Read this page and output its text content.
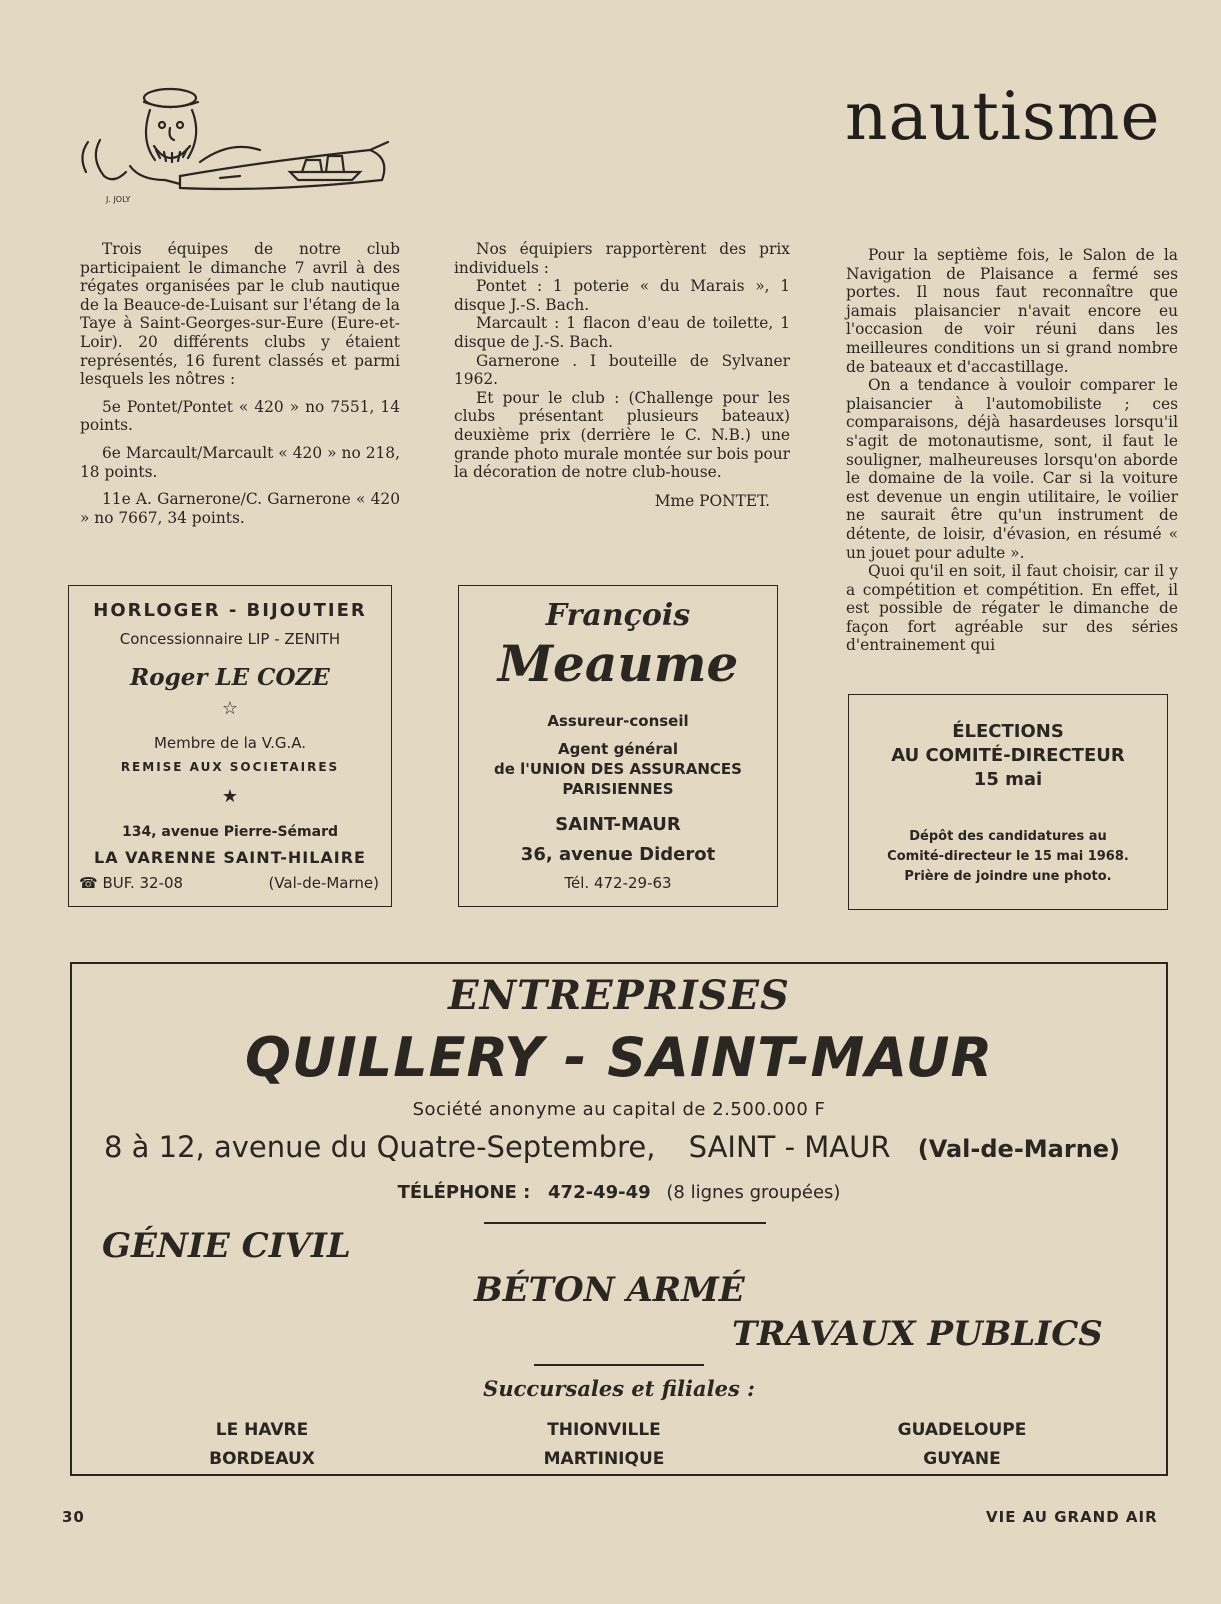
nautisme
J. JOLY

Trois équipes de notre club participaient le dimanche 7 avril à des régates organisées par le club nautique de la Beauce-de-Luisant sur l'étang de la Taye à Saint-Georges-sur-Eure (Eure-et-Loir). 20 différents clubs y étaient représentés, 16 furent classés et parmi lesquels les nôtres :

5e Pontet/Pontet « 420 » no 7551, 14 points.

6e Marcault/Marcault « 420 » no 218, 18 points.

11e A. Garnerone/C. Garnerone « 420 » no 7667, 34 points.

Nos équipiers rapportèrent des prix individuels :

Pontet : 1 poterie « du Marais », 1 disque J.-S. Bach.

Marcault : 1 flacon d'eau de toilette, 1 disque de J.-S. Bach.

Garnerone . I bouteille de Sylvaner 1962.

Et pour le club : (Challenge pour les clubs présentant plusieurs bateaux) deuxième prix (derrière le C. N.B.) une grande photo murale montée sur bois pour la décoration de notre club-house.

Mme PONTET.

Pour la septième fois, le Salon de la Navigation de Plaisance a fermé ses portes. Il nous faut reconnaître que jamais plaisancier n'avait encore eu l'occasion de voir réuni dans les meilleures conditions un si grand nombre de bateaux et d'accastillage.

On a tendance à vouloir comparer le plaisancier à l'automobiliste ; ces comparaisons, déjà hasardeuses lorsqu'il s'agit de motonautisme, sont, il faut le souligner, malheureuses lorsqu'on aborde le domaine de la voile. Car si la voiture est devenue un engin utilitaire, le voilier ne saurait être qu'un instrument de détente, de loisir, d'évasion, en résumé « un jouet pour adulte ».

Quoi qu'il en soit, il faut choisir, car il y a compétition et compétition. En effet, il est possible de régater le dimanche de façon fort agréable sur des séries d'entrainement qui

HORLOGER - BIJOUTIER
Concessionnaire LIP - ZENITH
Roger LE COZE
☆
Membre de la V.G.A.
REMISE AUX SOCIETAIRES
★
134, avenue Pierre-Sémard
LA VARENNE SAINT-HILAIRE
☎ BUF. 32-08	(Val-de-Marne)
François
Meaume
Assureur-conseil
Agent général
de l'UNION DES ASSURANCES
PARISIENNES
SAINT-MAUR
36, avenue Diderot
Tél. 472-29-63
ÉLECTIONS
AU COMITÉ-DIRECTEUR
15 mai
Dépôt des candidatures au
Comité-directeur le 15 mai 1968.
Prière de joindre une photo.
ENTREPRISES
QUILLERY - SAINT-MAUR
Société anonyme au capital de 2.500.000 F
8 à 12, avenue du Quatre-Septembre, SAINT - MAUR (Val-de-Marne)
TÉLÉPHONE : 472-49-49 (8 lignes groupées)
GÉNIE CIVIL
BÉTON ARMÉ
TRAVAUX PUBLICS
Succursales et filiales :
LE HAVRE
BORDEAUX
THIONVILLE
MARTINIQUE
GUADELOUPE
GUYANE
30	VIE AU GRAND AIR
